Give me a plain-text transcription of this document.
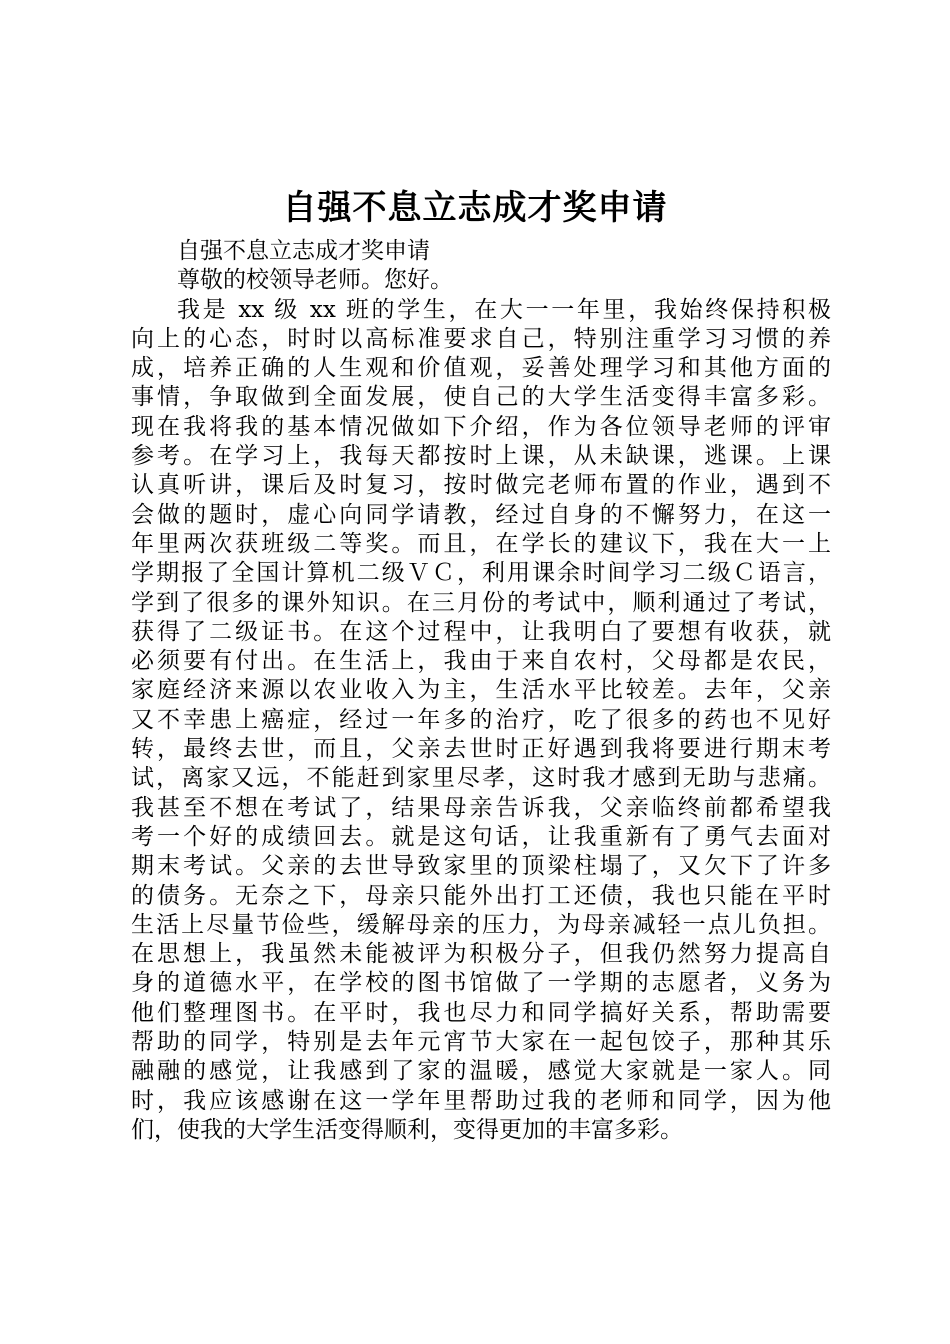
自强不息立志成才奖申请
自强不息立志成才奖申请
尊敬的校领导老师。您好。
我是 xx 级 xx 班的学生，在大一一年里，我始终保持积极
向上的心态，时时以高标准要求自己，特别注重学习习惯的养
成，培养正确的人生观和价值观，妥善处理学习和其他方面的
事情，争取做到全面发展，使自己的大学生活变得丰富多彩。
现在我将我的基本情况做如下介绍，作为各位领导老师的评审
参考。在学习上，我每天都按时上课，从未缺课，逃课。上课
认真听讲，课后及时复习，按时做完老师布置的作业，遇到不
会做的题时，虚心向同学请教，经过自身的不懈努力，在这一
年里两次获班级二等奖。而且，在学长的建议下，我在大一上
学期报了全国计算机二级ＶＣ，利用课余时间学习二级Ｃ语言，
学到了很多的课外知识。在三月份的考试中，顺利通过了考试，
获得了二级证书。在这个过程中，让我明白了要想有收获，就
必须要有付出。在生活上，我由于来自农村，父母都是农民，
家庭经济来源以农业收入为主，生活水平比较差。去年，父亲
又不幸患上癌症，经过一年多的治疗，吃了很多的药也不见好
转，最终去世，而且，父亲去世时正好遇到我将要进行期末考
试，离家又远，不能赶到家里尽孝，这时我才感到无助与悲痛。
我甚至不想在考试了，结果母亲告诉我，父亲临终前都希望我
考一个好的成绩回去。就是这句话，让我重新有了勇气去面对
期末考试。父亲的去世导致家里的顶梁柱塌了，又欠下了许多
的债务。无奈之下，母亲只能外出打工还债，我也只能在平时
生活上尽量节俭些，缓解母亲的压力，为母亲减轻一点儿负担。
在思想上，我虽然未能被评为积极分子，但我仍然努力提高自
身的道德水平，在学校的图书馆做了一学期的志愿者，义务为
他们整理图书。在平时，我也尽力和同学搞好关系，帮助需要
帮助的同学，特别是去年元宵节大家在一起包饺子，那种其乐
融融的感觉，让我感到了家的温暖，感觉大家就是一家人。同
时，我应该感谢在这一学年里帮助过我的老师和同学，因为他
们，使我的大学生活变得顺利，变得更加的丰富多彩。
